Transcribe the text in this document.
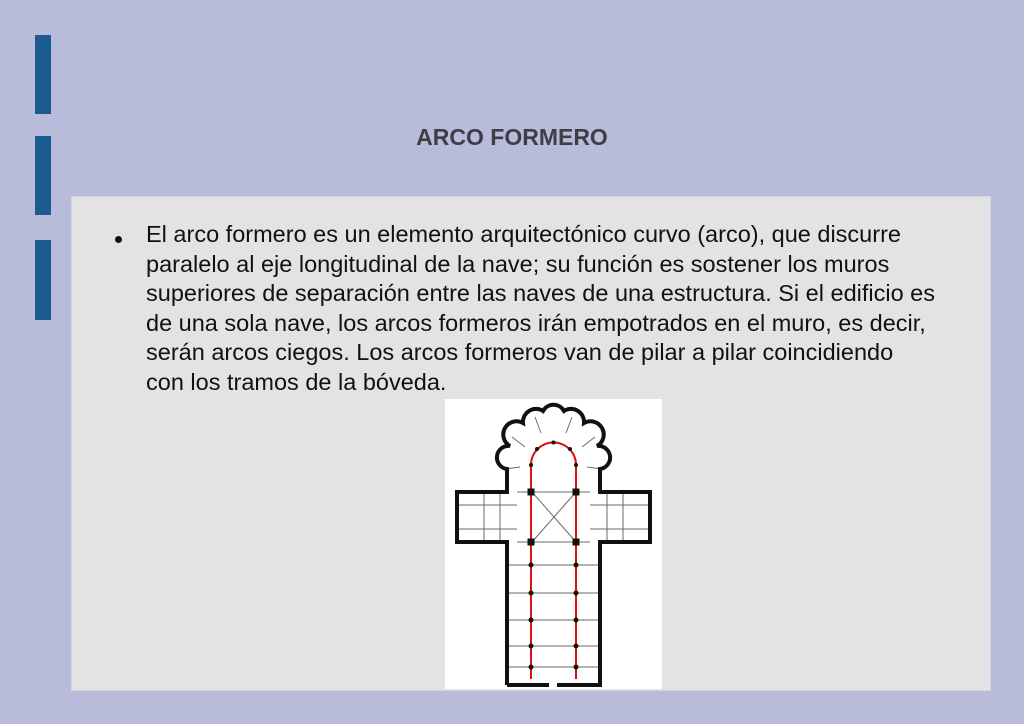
ARCO FORMERO

El arco formero es un elemento arquitectónico curvo (arco), que discurre paralelo al eje longitudinal de la nave; su función es sostener los muros superiores de separación entre las naves de una estructura. Si el edificio es de una sola nave, los arcos formeros irán empotrados en el muro, es decir, serán arcos ciegos. Los arcos formeros van de pilar a pilar coincidiendo con los tramos de la bóveda.
